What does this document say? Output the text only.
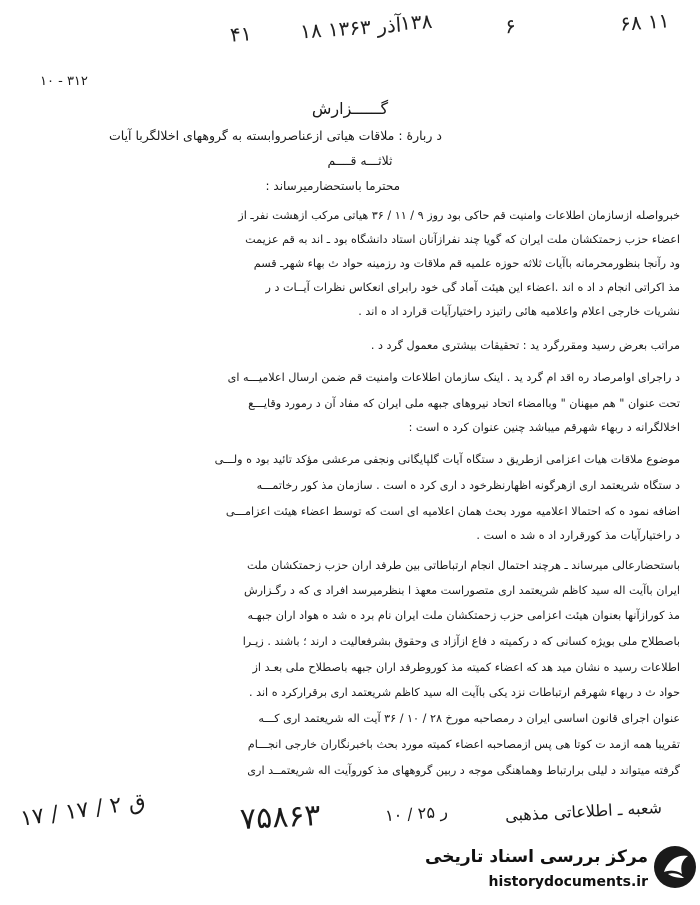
۶۸ ۱۱
۶
۱۳۸
۱۸ آذر ۱۳۶۳
۴۱
۳۱۲ - ۱۰
گــــــزارش
د ربارهٔ : ملاقات هیاتی ازعناصروابسته به گروههای اخلالگربا آیات
ثلاثـــه قــــم
محترما باستحضارمیرساند :
خبرواصله ازسازمان اطلاعات وامنیت قم حاکی بود روز ۹ / ۱۱ / ۳۶ هیاتی مرکب ازهشت نفرـ از
اعضاء حزب زحمتکشان ملت ایران که گویا چند نفرازآنان استاد دانشگاه بود ـ اند به قم عزیمت
ود رآنجا بنظورمحرمانه باآیات ثلاثه حوزه علمیه قم ملاقات ود رزمینه حواد ث بهاء شهرـ قسم
مذ اکراتی انجام د اد ه اند .اعضاء این هیئت آماد گی خود رابرای انعکاس نظرات آیــات د ر
نشریات خارجی اعلام واعلامیه هائی راتیزد راختیارآیات قرارد اد ه اند .
مراتب بعرض رسید ومقررگرد ید : تحقیقات بیشتری معمول گرد د .
د راجرای اوامرصاد ره اقد ام گرد ید . اینک سازمان اطلاعات وامنیت قم ضمن ارسال اعلامیـــه ای
تحت عنوان " هم میهنان " وباامضاء اتحاد نیروهای جبهه ملی ایران که مفاد آن د رمورد وقایـــع
اخلالگرانه د ربهاء شهرقم میباشد چنین عنوان کرد ه است :
موضوع ملاقات هیات اعزامی ازطریق د ستگاه آیات گلپایگانی ونجفی مرعشی مؤکد تائید بود ه ولـــی
د ستگاه شریعتمد اری ازهرگونه اظهارنظرخود د اری کرد ه است . سازمان مذ کور رخاتمـــه
اضافه نمود ه که احتمالا اعلامیه مورد بحث همان اعلامیه ای است که توسط اعضاء هیئت اعزامـــی
د راختیارآیات مذ کورقرارد اد ه شد ه است .
باستحضارعالی میرساند ـ هرچند احتمال انجام ارتباطاتی بین طرفد اران حزب زحمتکشان ملت
ایران باآیت اله سید کاظم شریعتمد اری متصوراست معهذ ا بنظرمیرسد افراد ی که د رگـزارش
مذ کورازآنها بعنوان هیئت اعزامی حزب زحمتکشان ملت ایران نام برد ه شد ه هواد اران جبهـه
باصطلاح ملی بویژه کسانی که د رکمیته د فاع ازآزاد ی وحقوق بشرفعالیت د ارند ؛ باشند . زیـرا
اطلاعات رسید ه نشان مید هد که اعضاء کمیته مذ کوروطرفد اران جبهه باصطلاح ملی بعـد از
حواد ث د ربهاء شهرقم ارتباطات نزد یکی باآیت اله سید کاظم شریعتمد اری برقرارکرد ه اند .
عنوان اجرای قانون اساسی ایران د رمصاحبه مورخ ۲۸ / ۱۰ / ۳۶ آیت اله شریعتمد اری کـــه
تقریبا همه ازمد ت کوتا هی پس ازمصاحبه اعضاء کمیته مورد بحث باخبرنگاران خارجی انجـــام
گرفته میتواند د لیلی برارتباط وهماهنگی موجه د ربین گروههای مذ کوروآیت اله شریعتمــد اری
ق ۲ / ۱۷ / ۱۷	۷۵۸۶۳	ر ۲۵ / ۱۰	شعبه ـ اطلاعاتی مذهبی
مرکز بررسی اسناد تاریخی
historydocuments.ir
